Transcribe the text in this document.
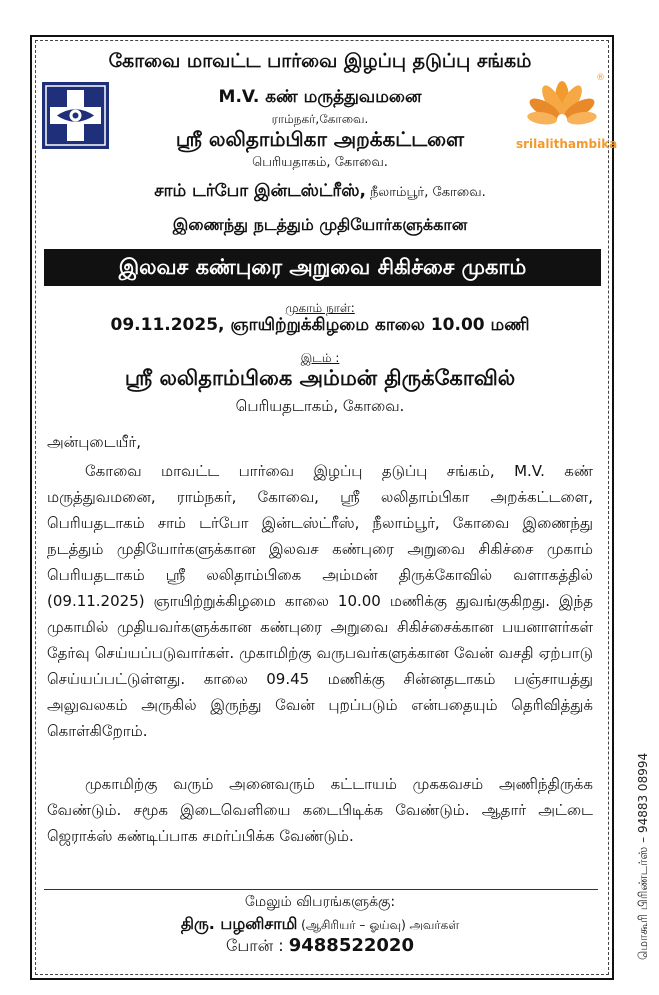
®
srilalithambika
கோவை மாவட்ட பார்வை இழப்பு தடுப்பு சங்கம்
M.V. கண் மருத்துவமனை
ராம்நகர்,கோவை.
ஸ்ரீ லலிதாம்பிகா அறக்கட்டளை
பெரியதாகம், கோவை.
சாம் டர்போ இன்டஸ்ட்ரீஸ், நீலாம்பூர், கோவை.
இணைந்து நடத்தும் முதியோர்களுக்கான
இலவச கண்புரை அறுவை சிகிச்சை முகாம்
முகாம் நாள்:
09.11.2025, ஞாயிற்றுக்கிழமை காலை 10.00 மணி
இடம் :
ஸ்ரீ லலிதாம்பிகை அம்மன் திருக்கோவில்
பெரியதடாகம், கோவை.
அன்புடையீர்,

கோவை மாவட்ட பார்வை இழப்பு தடுப்பு சங்கம், M.V. கண் மருத்துவமனை, ராம்நகர், கோவை, ஸ்ரீ லலிதாம்பிகா அறக்கட்டளை, பெரியதடாகம் சாம் டர்போ இன்டஸ்ட்ரீஸ், நீலாம்பூர், கோவை இணைந்து நடத்தும் முதியோர்களுக்கான இலவச கண்புரை அறுவை சிகிச்சை முகாம் பெரியதடாகம் ஸ்ரீ லலிதாம்பிகை அம்மன் திருக்கோவில் வளாகத்தில் (09.11.2025) ஞாயிற்றுக்கிழமை காலை 10.00 மணிக்கு துவங்குகிறது. இந்த முகாமில் முதியவர்களுக்கான கண்புரை அறுவை சிகிச்சைக்கான பயனாளர்கள் தேர்வு செய்யப்படுவார்கள். முகாமிற்கு வருபவர்களுக்கான வேன் வசதி ஏற்பாடு செய்யப்பட்டுள்ளது. காலை 09.45 மணிக்கு சின்னதடாகம் பஞ்சாயத்து அலுவலகம் அருகில் இருந்து வேன் புறப்படும் என்பதையும் தெரிவித்துக் கொள்கிறோம்.

முகாமிற்கு வரும் அனைவரும் கட்டாயம் முககவசம் அணிந்திருக்க வேண்டும். சமூக இடைவெளியை கடைபிடிக்க வேண்டும். ஆதார் அட்டை ஜெராக்ஸ் கண்டிப்பாக சமர்ப்பிக்க வேண்டும்.

மேலும் விபரங்களுக்கு:
திரு. பழனிசாமி (ஆசிரியர் – ஓய்வு) அவர்கள்
போன் : 9488522020	மொகூரி பிரிண்டர்ஸ் – 94883 08994
